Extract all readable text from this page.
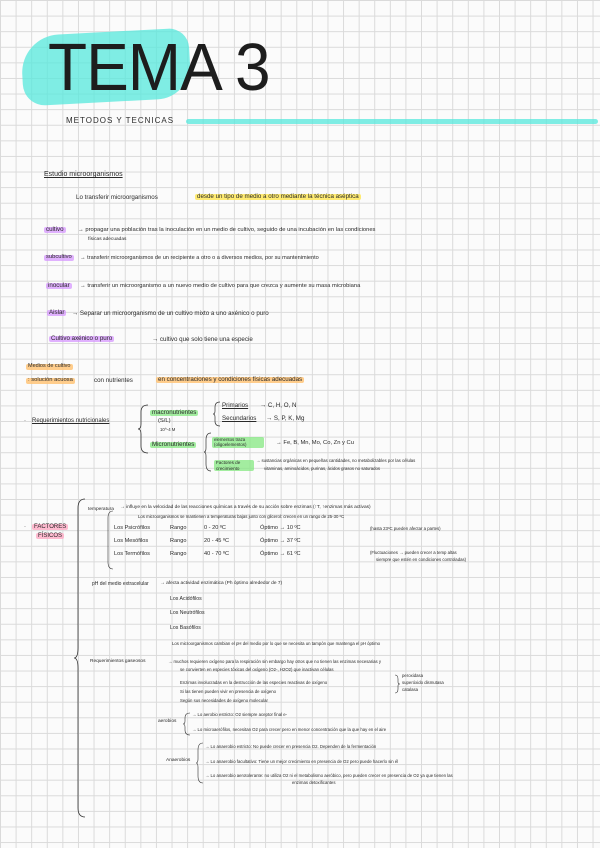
TEMA 3
METODOS Y TECNICAS
Estudio microorganismos
Lo transferir microorganismos	desde un tipo de medio a otro mediante la técnica aséptica
cultivo	→ propagar una población tras la inoculación en un medio de cultivo, seguido de una incubación en las condiciones
físicas adecuadas
subcultivo	→ transferir microorganismos de un recipiente a otro o a diversos medios, por su mantenimiento
inocular	→ transferir un microorganismo a un nuevo medio de cultivo para que crezca y aumente su masa microbiana
Aislar	→ Separar un microorganismo de un cultivo mixto a uno axénico o puro
Cultivo axénico o puro	→ cultivo que solo tiene una especie
Medios de cultivo
: solución acuosa	con nutrientes	en concentraciones y condiciones físicas adecuadas
Requerimientos nutricionales
·
macronutrientes
(S/L)
10^-4 M
Primarios → C, H, O, N
Secundarios → S, P, K, Mg
Micronutrientes
elementos traza (oligoelementos)	→ Fe, B, Mn, Mo, Co, Zn y Cu
Factores de crecimiento
→ sustancias orgánicas en pequeñas cantidades, no metabolizables por las células
vitaminas, aminoácidos, purinas, ácidos grasos no saturados
FACTORES
FÍSICOS
·
temperatura → influye en la velocidad de las reacciones químicas a través de su acción sobre enzimas (↑T, ↑enzimas más activas)
Los microorganismos se mantienen a temperaturas bajas junto con glicerol: crecen en un rango de 25-30 ºC
Los Psicrófilos	Rango	0 - 20 ºC	Óptimo → 10 ºC	(hasta 23ºC pueden afectar a partes)
Los Mesófilos	Rango	20 - 45 ºC	Óptimo → 37 ºC
Los Termófilos	Rango	40 - 70 ºC	Óptimo → 61 ºC	(Fluctuaciones → pueden crecer a temp altas
siempre que estén en condiciones controladas)
pH del medio extracelular → afecta actividad enzimática (Ph óptimo alrededor de 7)
Los Acidófilos
Los Neutrófilos
Los Basófilos
Los microorganismos cambian el pH del medio por lo que se necesita un tampón que mantenga el pH óptimo
Requerimientos gaseosos	→ muchos requieren oxígeno para la respiración sin embargo hay otros que no tienen las enzimas necesarias y
se convierten en especies tóxicas del oxígeno (O2-, H2O2) que inactivan células
Enzimas involucradas en la destrucción de las especies reactivas de oxígeno
peroxidasa
superóxido dismutasa
catalasa
Si las tienen pueden vivir en presencia de oxígeno
Según sus necesidades de oxígeno molecular
aerobios
→ Lo aerobio estricto: O2 siempre aceptor final e-
→ Lo microaerófilos, necesitan O2 para crecer pero en menor concentración que la que hay en el aire
Anaerobios
→ Lo anaerobio estricto: No puede crecer en presencia O2. Dependen de la fermentación
→ Lo anaerobio facultativo: Tiene un mejor crecimiento en presencia de O2 pero puede hacerlo sin él
→ Lo anaerobio aerotolerante: no utiliza O2 ni el metabolismo aeróbico, pero pueden crecer en presencia de O2 ya que tienen las
enzimas detoxificantes
